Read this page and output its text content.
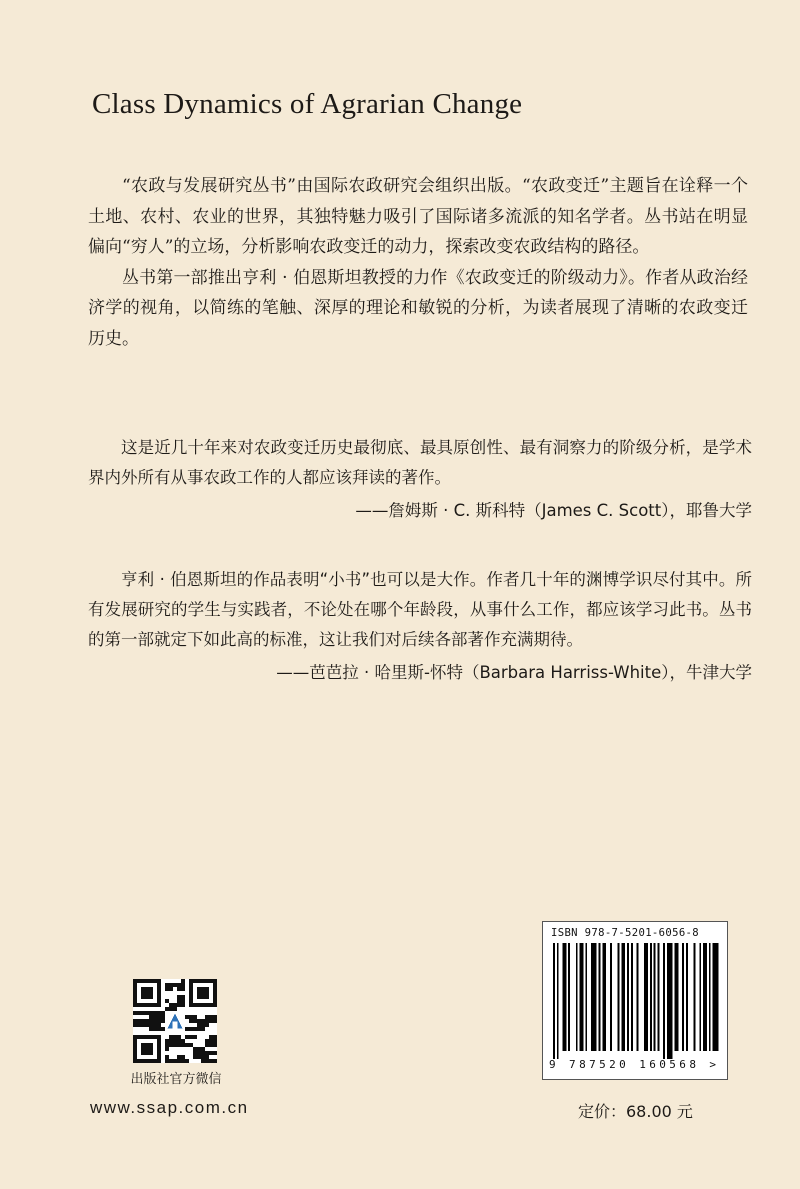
Class Dynamics of Agrarian Change

“农政与发展研究丛书”由国际农政研究会组织出版。“农政变迁”主题旨在诠释一个土地、农村、农业的世界，其独特魅力吸引了国际诸多流派的知名学者。丛书站在明显偏向“穷人”的立场，分析影响农政变迁的动力，探索改变农政结构的路径。

丛书第一部推出亨利 · 伯恩斯坦教授的力作《农政变迁的阶级动力》。作者从政治经济学的视角，以简练的笔触、深厚的理论和敏锐的分析，为读者展现了清晰的农政变迁历史。

这是近几十年来对农政变迁历史最彻底、最具原创性、最有洞察力的阶级分析，是学术界内外所有从事农政工作的人都应该拜读的著作。

——詹姆斯 · C. 斯科特（James C. Scott），耶鲁大学

亨利 · 伯恩斯坦的作品表明“小书”也可以是大作。作者几十年的渊博学识尽付其中。所有发展研究的学生与实践者，不论处在哪个年龄段，从事什么工作，都应该学习此书。丛书的第一部就定下如此高的标准，这让我们对后续各部著作充满期待。

——芭芭拉 · 哈里斯-怀特（Barbara Harriss-White），牛津大学

出版社官方微信
www.ssap.com.cn
ISBN 978-7-5201-6056-8
9 787520 160568 >
定价：68.00 元
